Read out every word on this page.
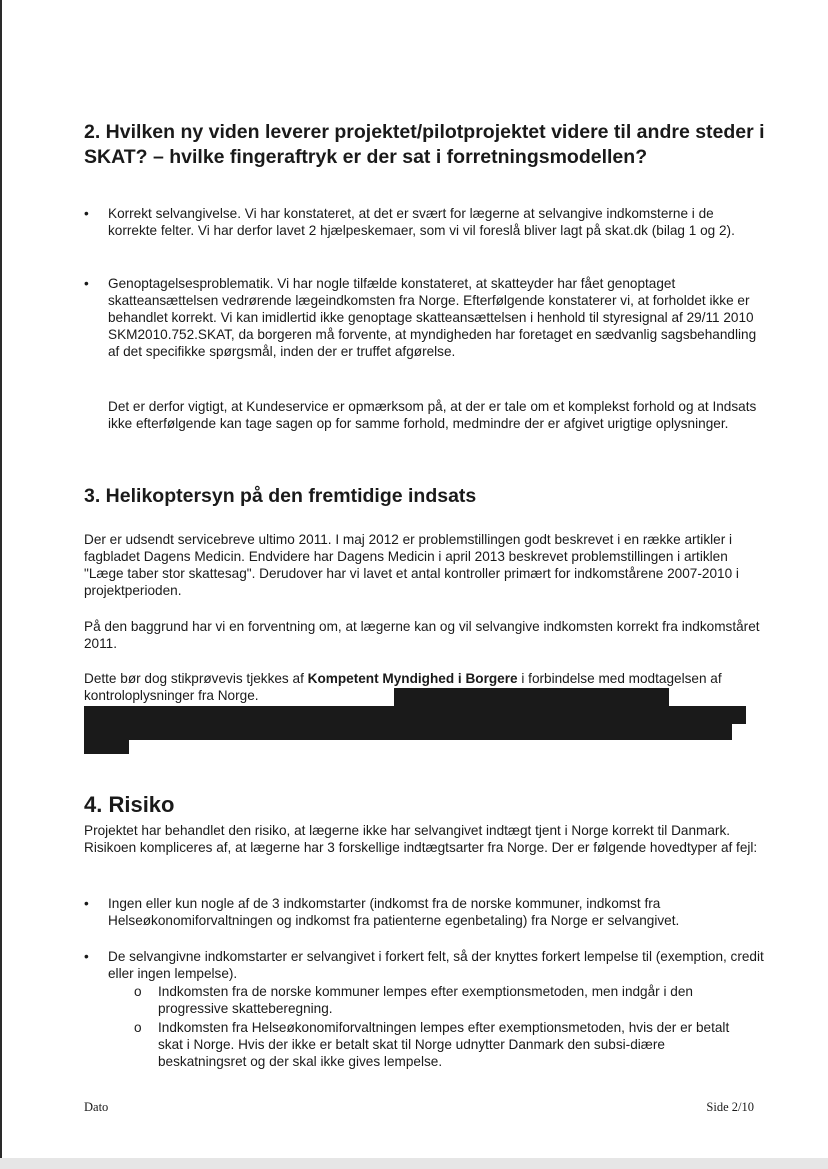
2. Hvilken ny viden leverer projektet/pilotprojektet videre til andre steder i SKAT? – hvilke fingeraftryk er der sat i forretningsmodellen?
•	Korrekt selvangivelse. Vi har konstateret, at det er svært for lægerne at selvangive indkomsterne i de korrekte felter. Vi har derfor lavet 2 hjælpeskemaer, som vi vil foreslå bliver lagt på skat.dk (bilag 1 og 2).
•	Genoptagelsesproblematik. Vi har nogle tilfælde konstateret, at skatteyder har fået genoptaget skatteansættelsen vedrørende lægeindkomsten fra Norge. Efterfølgende konstaterer vi, at forholdet ikke er behandlet korrekt. Vi kan imidlertid ikke genoptage skatteansættelsen i henhold til styresignal af 29/11 2010 SKM2010.752.SKAT, da borgeren må forvente, at myndigheden har foretaget en sædvanlig sagsbehandling af det specifikke spørgsmål, inden der er truffet afgørelse.

Det er derfor vigtigt, at Kundeservice er opmærksom på, at der er tale om et komplekst forhold og at Indsats ikke efterfølgende kan tage sagen op for samme forhold, medmindre der er afgivet urigtige oplysninger.

3. Helikoptersyn på den fremtidige indsats

Der er udsendt servicebreve ultimo 2011. I maj 2012 er problemstillingen godt beskrevet i en række artikler i fagbladet Dagens Medicin. Endvidere har Dagens Medicin i april 2013 beskrevet problemstillingen i artiklen "Læge taber stor skattesag". Derudover har vi lavet et antal kontroller primært for indkomstårene 2007-2010 i projektperioden.

På den baggrund har vi en forventning om, at lægerne kan og vil selvangive indkomsten korrekt fra indkomståret 2011.

Dette bør dog stikprøvevis tjekkes af Kompetent Myndighed i Borgere i forbindelse med modtagelsen af kontroloplysninger fra Norge.

4. Risiko

Projektet har behandlet den risiko, at lægerne ikke har selvangivet indtægt tjent i Norge korrekt til Danmark. Risikoen kompliceres af, at lægerne har 3 forskellige indtægtsarter fra Norge. Der er følgende hovedtyper af fejl:

•	Ingen eller kun nogle af de 3 indkomstarter (indkomst fra de norske kommuner, indkomst fra Helseøkonomiforvaltningen og indkomst fra patienterne egenbetaling) fra Norge er selvangivet.
•	De selvangivne indkomstarter er selvangivet i forkert felt, så der knyttes forkert lempelse til (exemption, credit eller ingen lempelse).
o Indkomsten fra de norske kommuner lempes efter exemptionsmetoden, men indgår i den progressive skatteberegning.
o Indkomsten fra Helseøkonomiforvaltningen lempes efter exemptionsmetoden, hvis der er betalt skat i Norge. Hvis der ikke er betalt skat til Norge udnytter Danmark den subsi-diære beskatningsret og der skal ikke gives lempelse.
Dato	Side 2/10
